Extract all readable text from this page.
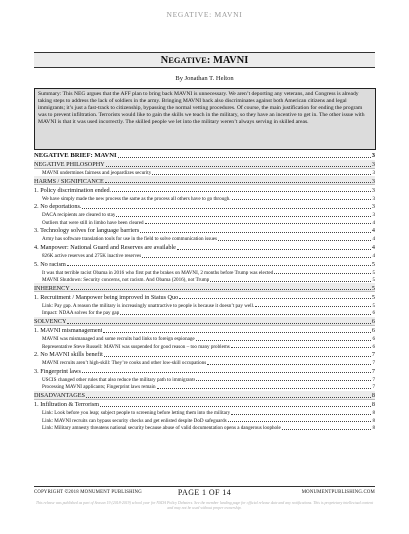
NEGATIVE: MAVNI
NEGATIVE: MAVNI
By Jonathan T. Helton
Summary: This NEG argues that the AFF plan to bring back MAVNI is unnecessary. We aren’t deporting any veterans, and Congress is already taking steps to address the lack of soldiers in the army. Bringing MAVNI back also discriminates against both American citizens and legal immigrants; it’s just a fast-track to citizenship, bypassing the normal vetting procedures. Of course, the main justification for ending the program was to prevent infiltration. Terrorists would like to gain the skills we teach in the military, so they have an incentive to get in. The other issue with MAVNI is that it was used incorrectly. The skilled people we let into the military weren’t always serving in skilled areas.
NEGATIVE BRIEF: MAVNI	3
NEGATIVE PHILOSOPHY	3
MAVNI undermines fairness and jeopardizes security	3
HARMS / SIGNIFICANCE	3
1. Policy discrimination ended.	3
We have simply made the new process the same as the process all others have to go through.	3
2. No deportations.	3
DACA recipients are cleared to stay	3
Outliers that were still in limbo have been cleared	4
3. Technology solves for language barriers	4
Army has software translation tools for use in the field to solve communication issues	4
4. Manpower: National Guard and Reserves are available	4
826K active reserves and 275K inactive reserves	4
5. No racism	5
It was that terrible racist Obama in 2016 who first put the brakes on MAVNI, 2 months before Trump was elected	5
MAVNI Shutdown: Security concerns, not racism. And Obama (2016), not Trump	5
INHERENCY	5
1. Recruitment / Manpower being improved in Status Quo	5
Link: Pay gap. A reason the military is increasingly unattractive to people is because it doesn’t pay well.	5
Impact: NDAA solves for the pay gap	6
SOLVENCY	6
1. MAVNI mismanagement	6
MAVNI was mismanaged and some recruits had links to foreign espionage	6
Representative Steve Russell: MAVNI was suspended for good reason – too many problems	6
2. No MAVNI skills benefit	7
MAVNI recruits aren’t high-skill: They’re cooks and other low-skill occupations	7
3. Fingerprint laws	7
USCIS changed other rules that also reduce the military path to immigrants	7
Processing MAVNI applicants; Fingerprint laws remain	7
DISADVANTAGES	8
1. Infiltration & Terrorism	8
Link: Look before you leap; subject people to screening before letting them into the military	8
Link: MAVNI recruits can bypass security checks and get enlisted despite DoD safeguards	8
Link: Military amnesty threatens national security because abuse of valid documentation opens a dangerous loophole	8
COPYRIGHT ©2018 MONUMENT PUBLISHING	PAGE 1 OF 14	MONUMENTPUBLISHING.COM
This release was published as part of Season 19 (2018-2019) school year for NSDA Policy Debaters. See the member landing page for official release date and any notifications. This is proprietary intellectual content and may not be used without proper ownership.
